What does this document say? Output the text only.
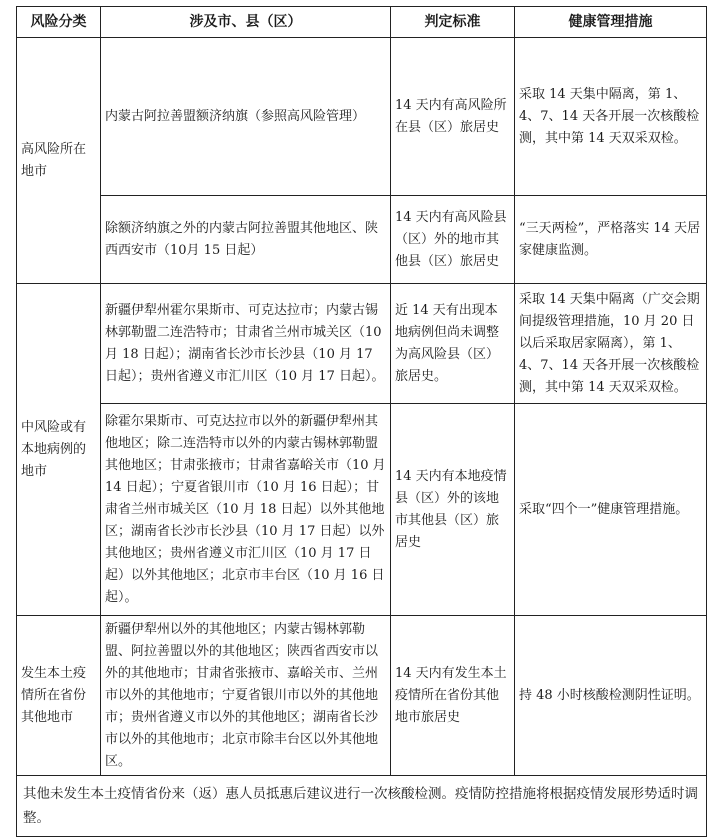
风险分类	涉及市、县（区）	判定标准	健康管理措施
高风险所在地市	内蒙古阿拉善盟额济纳旗（参照高风险管理）	14 天内有高风险所在县（区）旅居史	采取 14 天集中隔离，第 1、4、7、14 天各开展一次核酸检测，其中第 14 天双采双检。
	除额济纳旗之外的内蒙古阿拉善盟其他地区、陕西西安市（10月 15 日起）	14 天内有高风险县（区）外的地市其他县（区）旅居史	“三天两检”，严格落实 14 天居家健康监测。
中风险或有本地病例的地市	新疆伊犁州霍尔果斯市、可克达拉市；内蒙古锡林郭勒盟二连浩特市；甘肃省兰州市城关区（10 月 18 日起）；湖南省长沙市长沙县（10 月 17 日起）；贵州省遵义市汇川区（10 月 17 日起）。	近 14 天有出现本地病例但尚未调整为高风险县（区）旅居史。	采取 14 天集中隔离（广交会期间提级管理措施，10 月 20 日以后采取居家隔离），第 1、4、7、14 天各开展一次核酸检测，其中第 14 天双采双检。
	除霍尔果斯市、可克达拉市以外的新疆伊犁州其他地区；除二连浩特市以外的内蒙古锡林郭勒盟其他地区；甘肃张掖市；甘肃省嘉峪关市（10 月 14 日起）；宁夏省银川市（10 月 16 日起）；甘肃省兰州市城关区（10 月 18 日起）以外其他地区；湖南省长沙市长沙县（10 月 17 日起）以外其他地区；贵州省遵义市汇川区（10 月 17 日起）以外其他地区；北京市丰台区（10 月 16 日起）。	14 天内有本地疫情县（区）外的该地市其他县（区）旅居史	采取“四个一”健康管理措施。
发生本土疫情所在省份其他地市	新疆伊犁州以外的其他地区；内蒙古锡林郭勒盟、阿拉善盟以外的其他地区；陕西省西安市以外的其他地市；甘肃省张掖市、嘉峪关市、兰州市以外的其他地市；宁夏省银川市以外的其他地市；贵州省遵义市以外的其他地区；湖南省长沙市以外的其他地市；北京市除丰台区以外其他地区。	14 天内有发生本土疫情所在省份其他地市旅居史	持 48 小时核酸检测阴性证明。
其他未发生本土疫情省份来（返）惠人员抵惠后建议进行一次核酸检测。疫情防控措施将根据疫情发展形势适时调整。			
